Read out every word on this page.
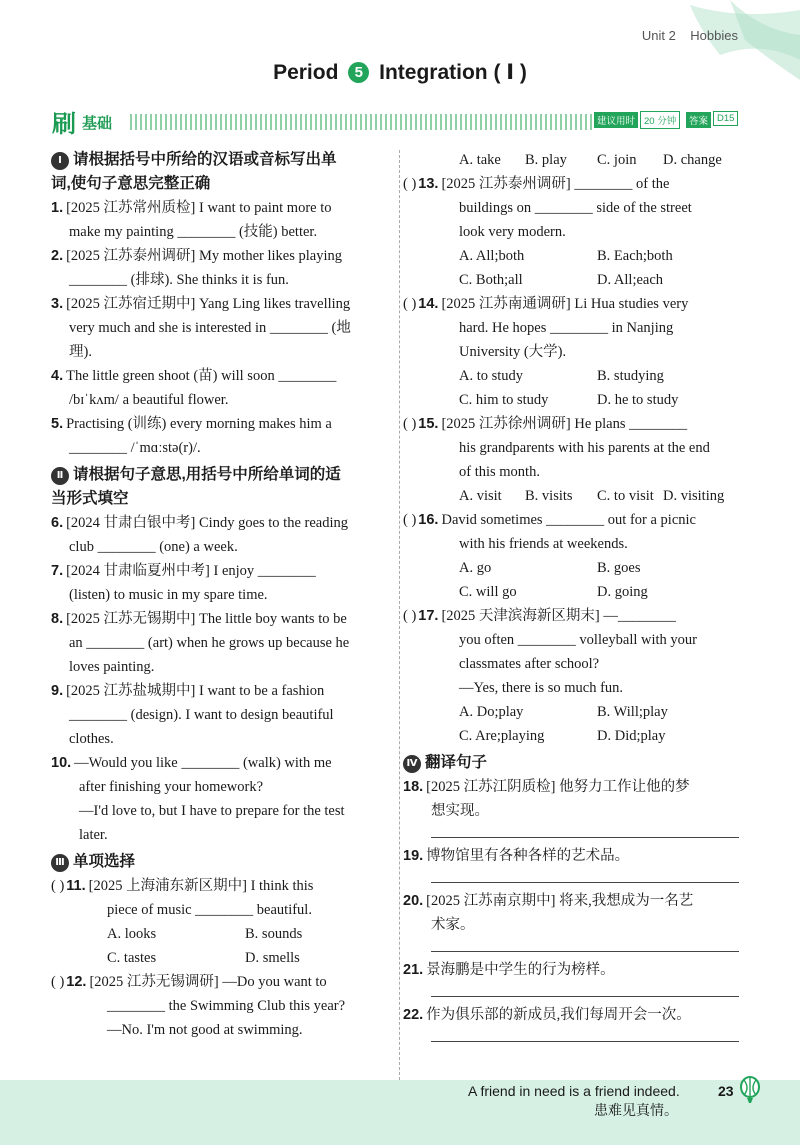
Unit 2 Hobbies
Period 5 Integration ( Ⅰ )
刷 基础	建议用时 20 分钟	答案 D15
Ⅰ 请根据括号中所给的汉语或音标写出单
词,使句子意思完整正确
1. [2025 江苏常州质检] I want to paint more to
make my painting ________ (技能) better.
2. [2025 江苏泰州调研] My mother likes playing
________ (排球). She thinks it is fun.
3. [2025 江苏宿迁期中] Yang Ling likes travelling
very much and she is interested in ________ (地
理).
4. The little green shoot (苗) will soon ________
/bɪˈkʌm/ a beautiful flower.
5. Practising (训练) every morning makes him a
________ /ˈmɑːstə(r)/.
Ⅱ 请根据句子意思,用括号中所给单词的适
当形式填空
6. [2024 甘肃白银中考] Cindy goes to the reading
club ________ (one) a week.
7. [2024 甘肃临夏州中考] I enjoy ________
(listen) to music in my spare time.
8. [2025 江苏无锡期中] The little boy wants to be
an ________ (art) when he grows up because he
loves painting.
9. [2025 江苏盐城期中] I want to be a fashion
________ (design). I want to design beautiful
clothes.
10. —Would you like ________ (walk) with me
after finishing your homework?
—I'd love to, but I have to prepare for the test
later.
Ⅲ 单项选择
( ) 11. [2025 上海浦东新区期中] I think this
piece of music ________ beautiful.
A. looks	B. sounds
C. tastes	D. smells
( ) 12. [2025 江苏无锡调研] —Do you want to
________ the Swimming Club this year?
—No. I'm not good at swimming.
A. take B. play C. join D. change
( ) 13. [2025 江苏泰州调研] ________ of the
buildings on ________ side of the street
look very modern.
A. All;both	B. Each;both
C. Both;all	D. All;each
( ) 14. [2025 江苏南通调研] Li Hua studies very
hard. He hopes ________ in Nanjing
University (大学).
A. to study	B. studying
C. him to study	D. he to study
( ) 15. [2025 江苏徐州调研] He plans ________
his grandparents with his parents at the end
of this month.
A. visit B. visits C. to visit D. visiting
( ) 16. David sometimes ________ out for a picnic
with his friends at weekends.
A. go	B. goes
C. will go	D. going
( ) 17. [2025 天津滨海新区期末] —________
you often ________ volleyball with your
classmates after school?
—Yes, there is so much fun.
A. Do;play	B. Will;play
C. Are;playing	D. Did;play
Ⅳ 翻译句子
18. [2025 江苏江阴质检] 他努力工作让他的梦
想实现。
19. 博物馆里有各种各样的艺术品。
20. [2025 江苏南京期中] 将来,我想成为一名艺
术家。
21. 景海鹏是中学生的行为榜样。
22. 作为俱乐部的新成员,我们每周开会一次。
A friend in need is a friend indeed.
患难见真情。
23
